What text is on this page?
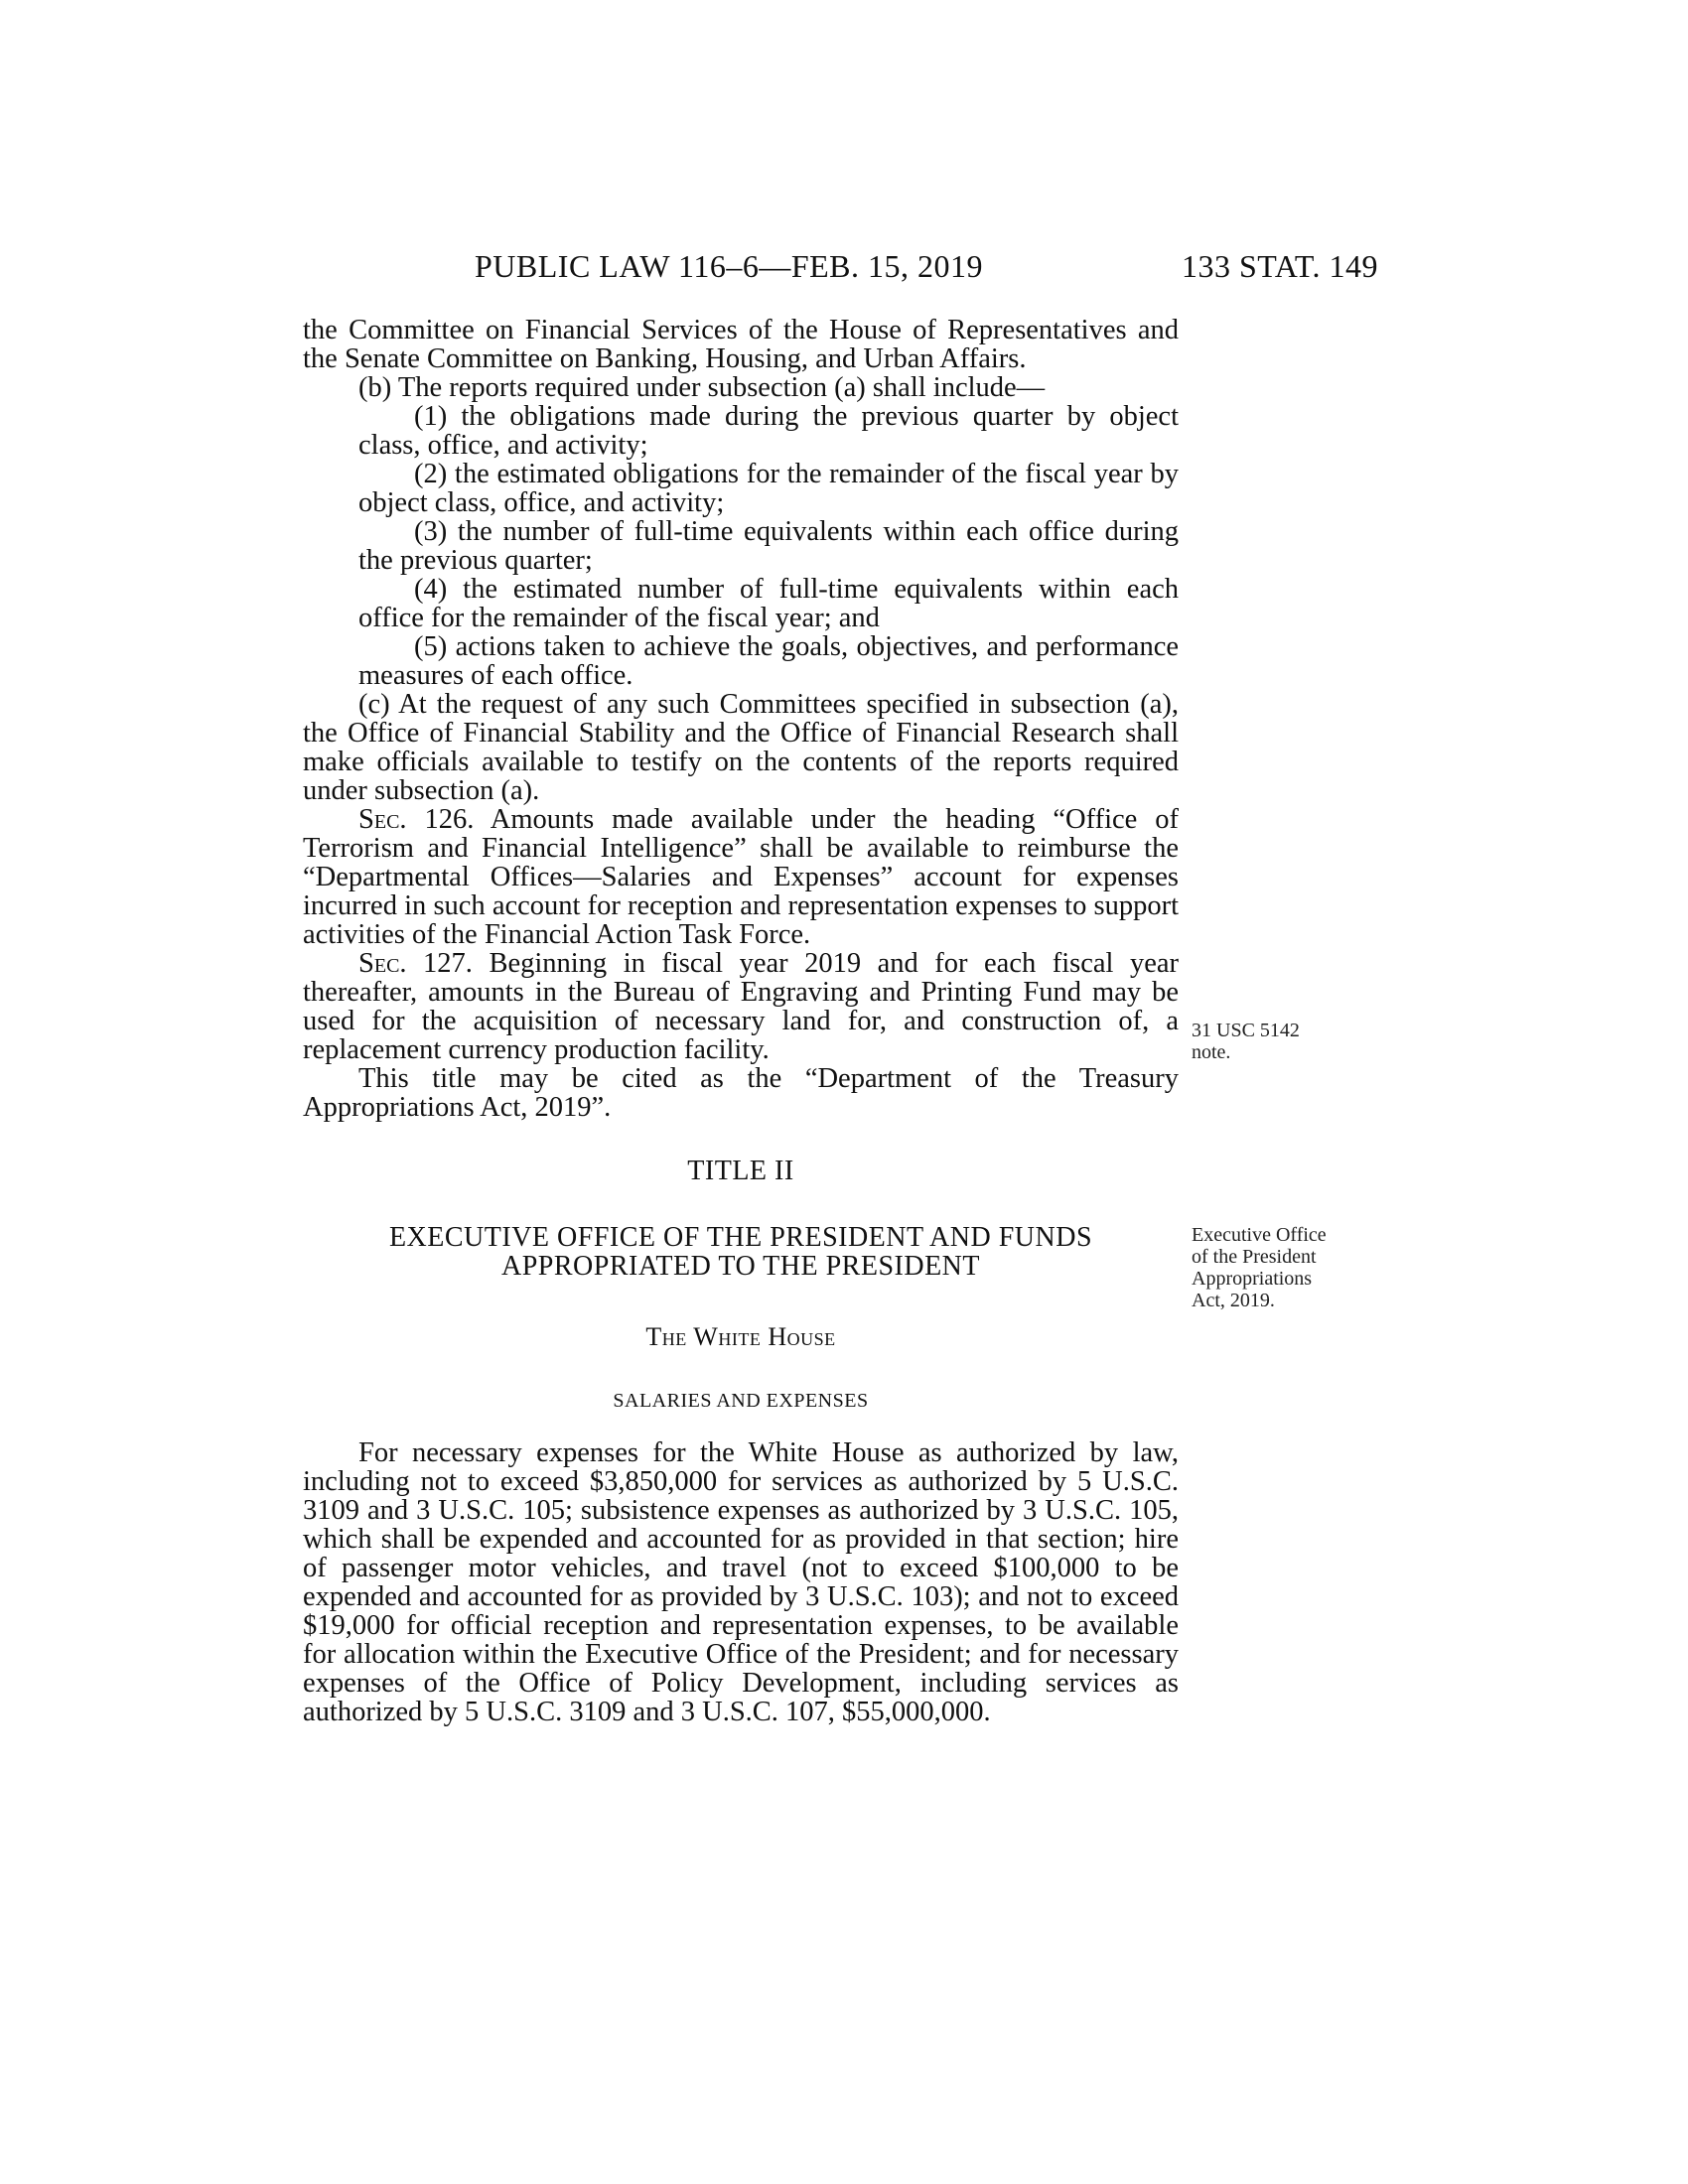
PUBLIC LAW 116–6—FEB. 15, 2019	133 STAT. 149

the Committee on Financial Services of the House of Representatives and the Senate Committee on Banking, Housing, and Urban Affairs.

(b) The reports required under subsection (a) shall include—

(1) the obligations made during the previous quarter by object class, office, and activity;

(2) the estimated obligations for the remainder of the fiscal year by object class, office, and activity;

(3) the number of full-time equivalents within each office during the previous quarter;

(4) the estimated number of full-time equivalents within each office for the remainder of the fiscal year; and

(5) actions taken to achieve the goals, objectives, and performance measures of each office.

(c) At the request of any such Committees specified in subsection (a), the Office of Financial Stability and the Office of Financial Research shall make officials available to testify on the contents of the reports required under subsection (a).

Sec. 126. Amounts made available under the heading “Office of Terrorism and Financial Intelligence” shall be available to reimburse the “Departmental Offices—Salaries and Expenses” account for expenses incurred in such account for reception and representation expenses to support activities of the Financial Action Task Force.

Sec. 127. Beginning in fiscal year 2019 and for each fiscal year thereafter, amounts in the Bureau of Engraving and Printing Fund may be used for the acquisition of necessary land for, and construction of, a replacement currency production facility.

This title may be cited as the “Department of the Treasury Appropriations Act, 2019”.

TITLE II

EXECUTIVE OFFICE OF THE PRESIDENT AND FUNDS
APPROPRIATED TO THE PRESIDENT

The White House

SALARIES AND EXPENSES

For necessary expenses for the White House as authorized by law, including not to exceed $3,850,000 for services as authorized by 5 U.S.C. 3109 and 3 U.S.C. 105; subsistence expenses as authorized by 3 U.S.C. 105, which shall be expended and accounted for as provided in that section; hire of passenger motor vehicles, and travel (not to exceed $100,000 to be expended and accounted for as provided by 3 U.S.C. 103); and not to exceed $19,000 for official reception and representation expenses, to be available for allocation within the Executive Office of the President; and for necessary expenses of the Office of Policy Development, including services as authorized by 5 U.S.C. 3109 and 3 U.S.C. 107, $55,000,000.

31 USC 5142
note.
Executive Office
of the President
Appropriations
Act, 2019.
